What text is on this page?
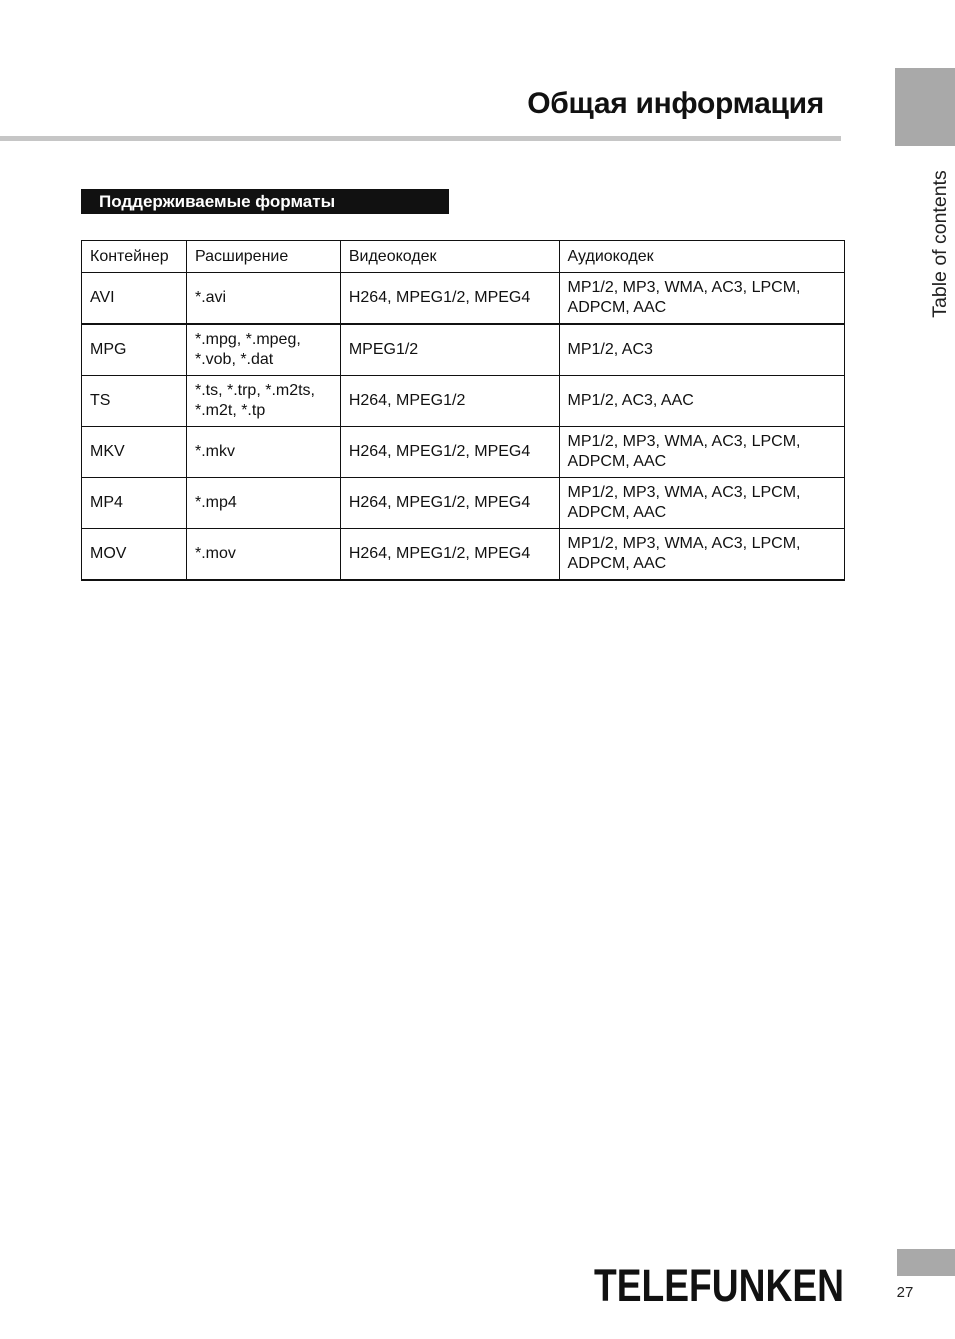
Общая информация
Table of contents
Поддерживаемые форматы
Контейнер	Расширение	Видеокодек	Аудиокодек
AVI	*.avi	H264, MPEG1/2, MPEG4	MP1/2, MP3, WMA, AC3, LPCM, ADPCM, AAC
MPG	*.mpg, *.mpeg, *.vob, *.dat	MPEG1/2	MP1/2, AC3
TS	*.ts, *.trp, *.m2ts, *.m2t, *.tp	H264, MPEG1/2	MP1/2, AC3, AAC
MKV	*.mkv	H264, MPEG1/2, MPEG4	MP1/2, MP3, WMA, AC3, LPCM, ADPCM, AAC
MP4	*.mp4	H264, MPEG1/2, MPEG4	MP1/2, MP3, WMA, AC3, LPCM, ADPCM, AAC
MOV	*.mov	H264, MPEG1/2, MPEG4	MP1/2, MP3, WMA, AC3, LPCM, ADPCM, AAC
TELEFUNKEN	27
